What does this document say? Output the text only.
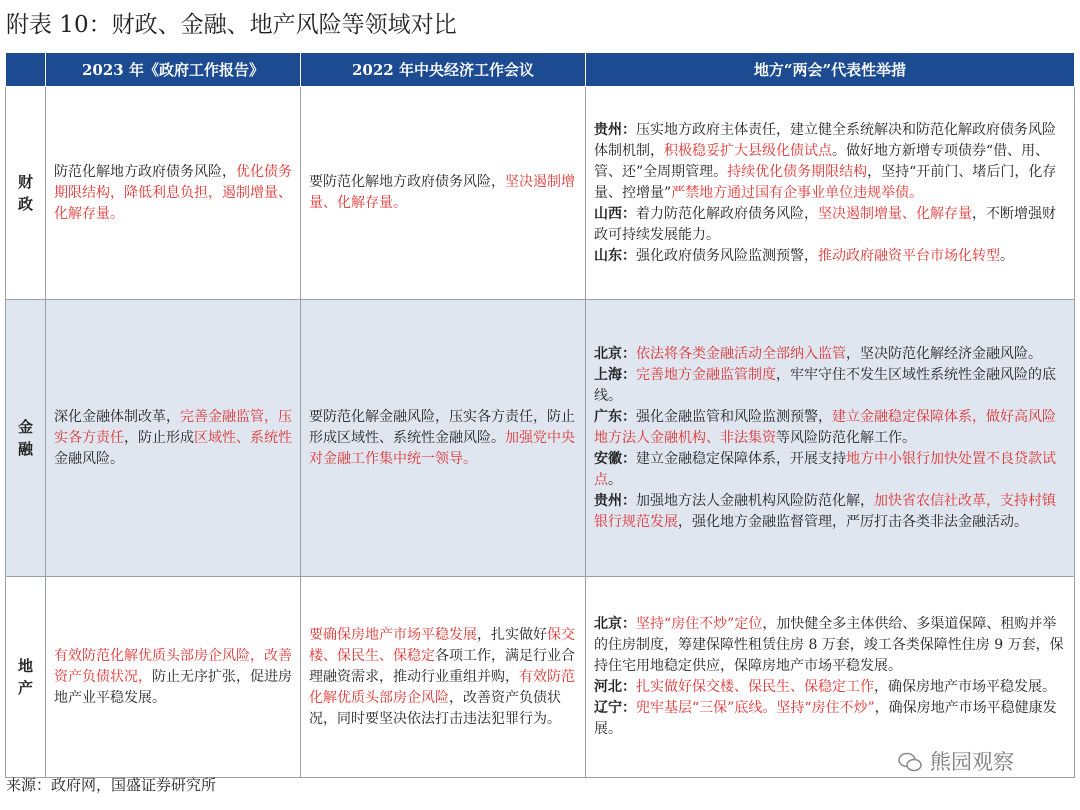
附表 10：财政、金融、地产风险等领域对比
	2023 年《政府工作报告》	2022 年中央经济工作会议	地方“两会”代表性举措
财
政	防范化解地方政府债务风险，优化债务期限结构，降低利息负担，遏制增量、化解存量。	要防范化解地方政府债务风险，坚决遏制增量、化解存量。	贵州：压实地方政府主体责任，建立健全系统解决和防范化解政府债务风险体制机制，积极稳妥扩大县级化债试点。做好地方新增专项债券“借、用、管、还”全周期管理。持续优化债务期限结构，坚持“开前门、堵后门，化存量、控增量”严禁地方通过国有企事业单位违规举债。
山西：着力防范化解政府债务风险，坚决遏制增量、化解存量，不断增强财政可持续发展能力。
山东：强化政府债务风险监测预警，推动政府融资平台市场化转型。

金
融	深化金融体制改革，完善金融监管，压实各方责任，防止形成区域性、系统性金融风险。	要防范化解金融风险，压实各方责任，防止形成区域性、系统性金融风险。加强党中央对金融工作集中统一领导。	北京：依法将各类金融活动全部纳入监管，坚决防范化解经济金融风险。
上海：完善地方金融监管制度，牢牢守住不发生区域性系统性金融风险的底线。
广东：强化金融监管和风险监测预警，建立金融稳定保障体系，做好高风险地方法人金融机构、非法集资等风险防范化解工作。
安徽：建立金融稳定保障体系，开展支持地方中小银行加快处置不良贷款试点。
贵州：加强地方法人金融机构风险防范化解，加快省农信社改革，支持村镇银行规范发展，强化地方金融监督管理，严厉打击各类非法金融活动。

地
产	有效防范化解优质头部房企风险，改善资产负债状况，防止无序扩张，促进房地产业平稳发展。	要确保房地产市场平稳发展，扎实做好保交楼、保民生、保稳定各项工作，满足行业合理融资需求，推动行业重组并购，有效防范化解优质头部房企风险，改善资产负债状况，同时要坚决依法打击违法犯罪行为。	北京：坚持“房住不炒”定位，加快健全多主体供给、多渠道保障、租购并举的住房制度，筹建保障性租赁住房 8 万套，竣工各类保障性住房 9 万套，保持住宅用地稳定供应，保障房地产市场平稳发展。
河北：扎实做好保交楼、保民生、保稳定工作，确保房地产市场平稳发展。
辽宁：兜牢基层“三保”底线。坚持“房住不炒”，确保房地产市场平稳健康发展。
来源：政府网，国盛证券研究所
熊园观察
